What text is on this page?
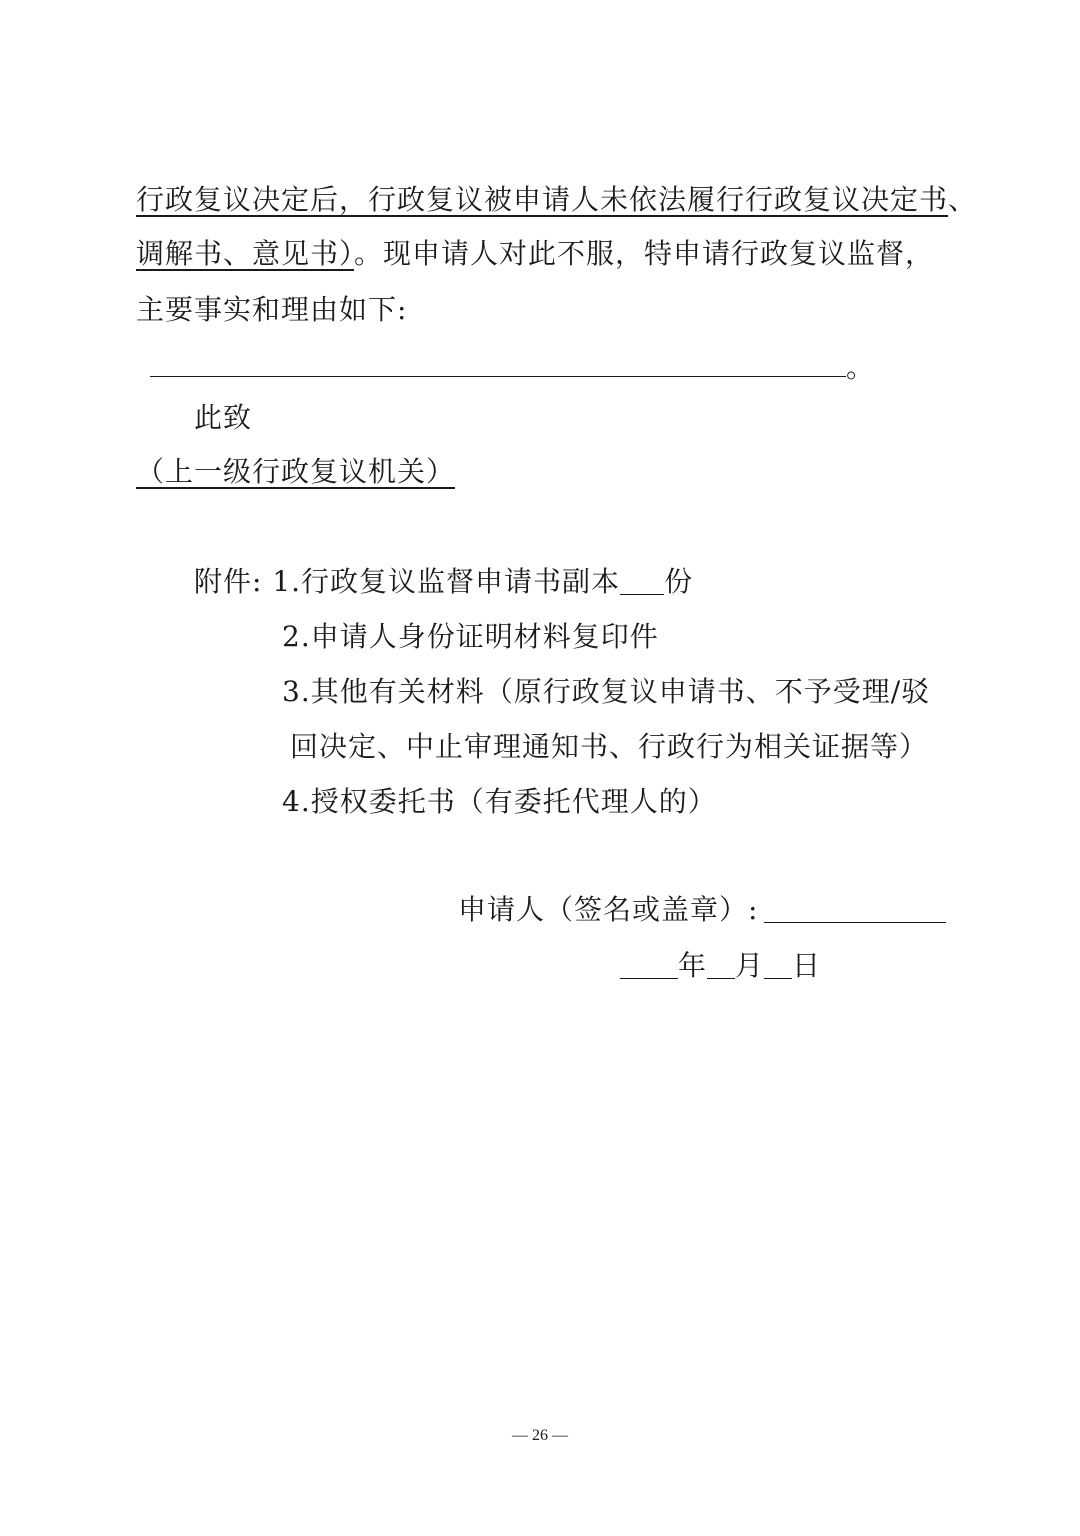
行政复议决定后，行政复议被申请人未依法履行行政复议决定书、
调解书、意见书）。现申请人对此不服，特申请行政复议监督，
主要事实和理由如下:
。
此致
（上一级行政复议机关）
附件: 1.行政复议监督申请书副本 份
2.申请人身份证明材料复印件
3.其他有关材料（原行政复议申请书、不予受理/驳
回决定、中止审理通知书、行政行为相关证据等）
4.授权委托书（有委托代理人的）
申请人（签名或盖章）:
年 月 日
— 26 —
